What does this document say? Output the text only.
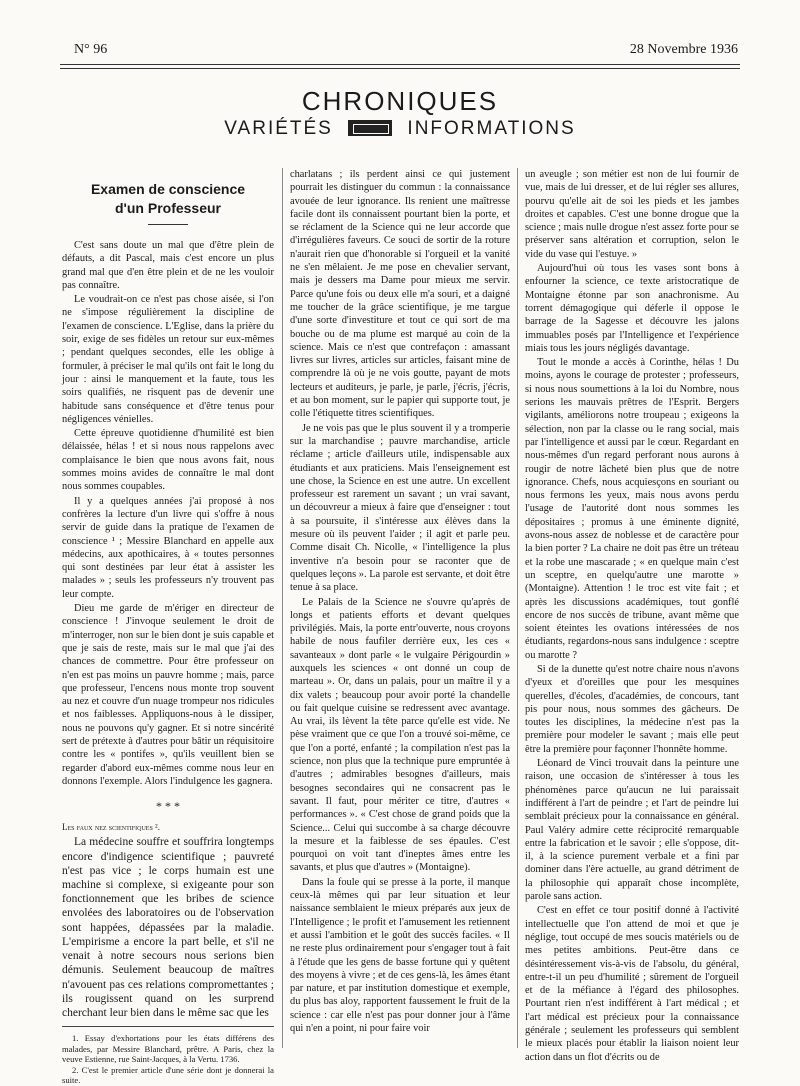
N° 96	28 Novembre 1936
CHRONIQUES
VARIÉTÉS	INFORMATIONS
Examen de conscience
d'un Professeur

C'est sans doute un mal que d'être plein de défauts, a dit Pascal, mais c'est encore un plus grand mal que d'en être plein et de ne les vouloir pas connaître.

Le voudrait-on ce n'est pas chose aisée, si l'on ne s'impose régulièrement la discipline de l'examen de conscience. L'Eglise, dans la prière du soir, exige de ses fidèles un retour sur eux-mêmes ; pendant quelques secondes, elle les oblige à formuler, à préciser le mal qu'ils ont fait le long du jour : ainsi le manquement et la faute, tous les soirs qualifiés, ne risquent pas de devenir une habitude sans conséquence et d'être tenus pour négligences vénielles.

Cette épreuve quotidienne d'humilité est bien délaissée, hélas ! et si nous nous rappelons avec complaisance le bien que nous avons fait, nous sommes moins avides de connaître le mal dont nous sommes coupables.

Il y a quelques années j'ai proposé à nos confrères la lecture d'un livre qui s'offre à nous servir de guide dans la pratique de l'examen de conscience ¹ ; Messire Blanchard en appelle aux médecins, aux apothicaires, à « toutes personnes qui sont destinées par leur état à assister les malades » ; seuls les professeurs n'y trouvent pas leur compte.

Dieu me garde de m'ériger en directeur de conscience ! J'invoque seulement le droit de m'interroger, non sur le bien dont je suis capable et que je sais de reste, mais sur le mal que j'ai des chances de commettre. Pour être professeur on n'en est pas moins un pauvre homme ; mais, parce que professeur, l'encens nous monte trop souvent au nez et couvre d'un nuage trompeur nos ridicules et nos faiblesses. Appliquons-nous à le dissiper, nous ne pouvons qu'y gagner. Et si notre sincérité sert de prétexte à d'autres pour bâtir un réquisitoire contre les « pontifes », qu'ils veuillent bien se regarder d'abord eux-mêmes comme nous leur en donnons l'exemple. Alors l'indulgence les gagnera.

* * *

Les faux nez scientifiques ².

La médecine souffre et souffrira longtemps encore d'indigence scientifique ; pauvreté n'est pas vice ; le corps humain est une machine si complexe, si exigeante pour son fonctionnement que les bribes de science envolées des laboratoires ou de l'observation sont happées, dépassées par la maladie. L'empirisme a encore la part belle, et s'il ne venait à notre secours nous serions bien démunis. Seulement beaucoup de maîtres n'avouent pas ces relations compromettantes ; ils rougissent quand on les surprend cherchant leur bien dans le même sac que les

1. Essay d'exhortations pour les états différens des malades, par Messire Blanchard, prêtre. A Paris, chez la veuve Estienne, rue Saint-Jacques, à la Vertu. 1736.

2. C'est le premier article d'une série dont je donnerai la suite.

charlatans ; ils perdent ainsi ce qui justement pourrait les distinguer du commun : la connaissance avouée de leur ignorance. Ils renient une maîtresse facile dont ils connaissent pourtant bien la porte, et se réclament de la Science qui ne leur accorde que d'irrégulières faveurs. Ce souci de sortir de la roture n'aurait rien que d'honorable si l'orgueil et la vanité ne s'en mêlaient. Je me pose en chevalier servant, mais je dessers ma Dame pour mieux me servir. Parce qu'une fois ou deux elle m'a souri, et a daigné me toucher de la grâce scientifique, je me targue d'une sorte d'investiture et tout ce qui sort de ma bouche ou de ma plume est marqué au coin de la science. Mais ce n'est que contrefaçon : amassant livres sur livres, articles sur articles, faisant mine de comprendre là où je ne vois goutte, payant de mots lecteurs et auditeurs, je parle, je parle, j'écris, j'écris, et au bon moment, sur le papier qui supporte tout, je colle l'étiquette titres scientifiques.

Je ne vois pas que le plus souvent il y a tromperie sur la marchandise ; pauvre marchandise, article réclame ; article d'ailleurs utile, indispensable aux étudiants et aux praticiens. Mais l'enseignement est une chose, la Science en est une autre. Un excellent professeur est rarement un savant ; un vrai savant, un découvreur a mieux à faire que d'enseigner : tout à sa poursuite, il s'intéresse aux élèves dans la mesure où ils peuvent l'aider ; il agit et parle peu. Comme disait Ch. Nicolle, « l'intelligence la plus inventive n'a besoin pour se raconter que de quelques leçons ». La parole est servante, et doit être tenue à sa place.

Le Palais de la Science ne s'ouvre qu'après de longs et patients efforts et devant quelques privilégiés. Mais, la porte entr'ouverte, nous croyons habile de nous faufiler derrière eux, les ces « savanteaux » dont parle « le vulgaire Périgourdin » auxquels les sciences « ont donné un coup de marteau ». Or, dans un palais, pour un maître il y a dix valets ; beaucoup pour avoir porté la chandelle ou fait quelque cuisine se redressent avec avantage. Au vrai, ils lèvent la tête parce qu'elle est vide. Ne pèse vraiment que ce que l'on a trouvé soi-même, ce que l'on a porté, enfanté ; la compilation n'est pas la science, non plus que la technique pure empruntée à d'autres ; admirables besognes d'ailleurs, mais besognes secondaires qui ne consacrent pas le savant. Il faut, pour mériter ce titre, d'autres « performances ». « C'est chose de grand poids que la Science... Celui qui succombe à sa charge découvre la mesure et la faiblesse de ses épaules. C'est pourquoi on voit tant d'ineptes âmes entre les savants, et plus que d'autres » (Montaigne).

Dans la foule qui se presse à la porte, il manque ceux-là mêmes qui par leur situation et leur naissance semblaient le mieux préparés aux jeux de l'Intelligence ; le profit et l'amusement les retiennent et aussi l'ambition et le goût des succès faciles. « Il ne reste plus ordinairement pour s'engager tout à fait à l'étude que les gens de basse fortune qui y quêtent des moyens à vivre ; et de ces gens-là, les âmes étant par nature, et par institution domestique et exemple, du plus bas aloy, rapportent faussement le fruit de la science : car elle n'est pas pour donner jour à l'âme qui n'en a point, ni pour faire voir

un aveugle ; son métier est non de lui fournir de vue, mais de lui dresser, et de lui régler ses allures, pourvu qu'elle ait de soi les pieds et les jambes droites et capables. C'est une bonne drogue que la science ; mais nulle drogue n'est assez forte pour se préserver sans altération et corruption, selon le vide du vase qui l'estuye. »

Aujourd'hui où tous les vases sont bons à enfourner la science, ce texte aristocratique de Montaigne étonne par son anachronisme. Au torrent démagogique qui déferle il oppose le barrage de la Sagesse et découvre les jalons immuables posés par l'Intelligence et l'expérience miais tous les jours négligés davantage.

Tout le monde a accès à Corinthe, hélas ! Du moins, ayons le courage de protester ; professeurs, si nous nous soumettions à la loi du Nombre, nous serions les mauvais prêtres de l'Esprit. Bergers vigilants, améliorons notre troupeau ; exigeons la sélection, non par la classe ou le rang social, mais par l'intelligence et aussi par le cœur. Regardant en nous-mêmes d'un regard perforant nous aurons à rougir de notre lâcheté bien plus que de notre ignorance. Chefs, nous acquiesçons en souriant ou nous fermons les yeux, mais nous avons perdu l'usage de l'autorité dont nous sommes les dépositaires ; promus à une éminente dignité, avons-nous assez de noblesse et de caractère pour la bien porter ? La chaire ne doit pas être un tréteau et la robe une mascarade ; « en quelque main c'est un sceptre, en quelqu'autre une marotte » (Montaigne). Attention ! le troc est vite fait ; et après les discussions académiques, tout gonflé encore de nos succès de tribune, avant même que soient éteintes les ovations intéressées de nos étudiants, regardons-nous sans indulgence : sceptre ou marotte ?

Si de la dunette qu'est notre chaire nous n'avons d'yeux et d'oreilles que pour les mesquines querelles, d'écoles, d'académies, de concours, tant pis pour nous, nous sommes des gâcheurs. De toutes les disciplines, la médecine n'est pas la première pour modeler le savant ; mais elle peut être la première pour façonner l'honnête homme.

Léonard de Vinci trouvait dans la peinture une raison, une occasion de s'intéresser à tous les phénomènes parce qu'aucun ne lui paraissait indifférent à l'art de peindre ; et l'art de peindre lui semblait précieux pour la connaissance en général. Paul Valéry admire cette réciprocité remarquable entre la fabrication et le savoir ; elle s'oppose, dit-il, à la science purement verbale et a fini par dominer dans l'ère actuelle, au grand détriment de la philosophie qui apparaît chose incomplète, parole sans action.

C'est en effet ce tour positif donné à l'activité intellectuelle que l'on attend de moi et que je néglige, tout occupé de mes soucis matériels ou de mes petites ambitions. Peut-être dans ce désintéressement vis-à-vis de l'absolu, du général, entre-t-il un peu d'humilité ; sûrement de l'orgueil et de la méfiance à l'égard des philosophes. Pourtant rien n'est indifférent à l'art médical ; et l'art médical est précieux pour la connaissance générale ; seulement les professeurs qui semblent le mieux placés pour établir la liaison noient leur action dans un flot d'écrits ou de
